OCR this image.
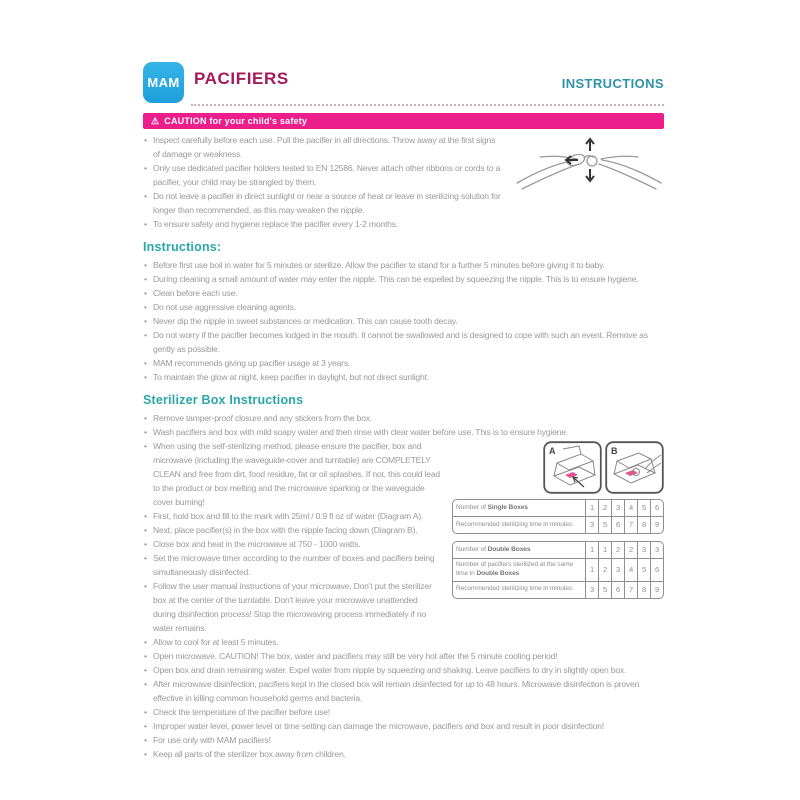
MAM PACIFIERS	INSTRUCTIONS
⚠ CAUTION for your child's safety
• Inspect carefully before each use. Pull the pacifier in all directions. Throw away at the first signs of damage or weakness.
• Only use dedicated pacifier holders tested to EN 12586. Never attach other ribbons or cords to a pacifier, your child may be strangled by them.
• Do not leave a pacifier in direct sunlight or near a source of heat or leave in sterilizing solution for longer than recommended, as this may weaken the nipple.
• To ensure safety and hygiene replace the pacifier every 1-2 months.
Instructions:
• Before first use boil in water for 5 minutes or sterilize. Allow the pacifier to stand for a further 5 minutes before giving it to baby.
• During cleaning a small amount of water may enter the nipple. This can be expelled by squeezing the nipple. This is to ensure hygiene.
• Clean before each use.
• Do not use aggressive cleaning agents.
• Never dip the nipple in sweet substances or medication. This can cause tooth decay.
• Do not worry if the pacifier becomes lodged in the mouth. It cannot be swallowed and is designed to cope with such an event. Remove as gently as possible.
• MAM recommends giving up pacifier usage at 3 years.
• To maintain the glow at night, keep pacifier in daylight, but not direct sunlight.
Sterilizer Box Instructions
• Remove tamper-proof closure and any stickers from the box.
• Wash pacifiers and box with mild soapy water and then rinse with clear water before use. This is to ensure hygiene.
• A	B
Number of Single Boxes	1	2	3	4	5	6
Recommended sterilizing time in minutes	3	5	6	7	8	9
Number of Double Boxes	1	1	2	2	3	3
Number of pacifiers sterilized at the same time in Double Boxes	1	2	3	4	5	6
Recommended sterilizing time in minutes	3	5	6	7	8	9
When using the self-sterilizing method, please ensure the pacifier, box and microwave (including the waveguide-cover and turntable) are COMPLETELY CLEAN and free from dirt, food residue, fat or oil splashes. If not, this could lead to the product or box melting and the microwave sparking or the waveguide cover burning!
• First, hold box and fill to the mark with 25ml / 0.9 fl oz of water (Diagram A).
• Next, place pacifier(s) in the box with the nipple facing down (Diagram B).
• Close box and heat in the microwave at 750 - 1000 watts.
• Set the microwave timer according to the number of boxes and pacifiers being simultaneously disinfected.
• Follow the user manual instructions of your microwave. Don't put the sterilizer box at the center of the turntable. Don't leave your microwave unattended during disinfection process! Stop the microwaving process immediately if no water remains.
• Allow to cool for at least 5 minutes.
• Open microwave. CAUTION! The box, water and pacifiers may still be very hot after the 5 minute cooling period!
• Open box and drain remaining water. Expel water from nipple by squeezing and shaking. Leave pacifiers to dry in slightly open box.
• After microwave disinfection, pacifiers kept in the closed box will remain disinfected for up to 48 hours. Microwave disinfection is proven effective in killing common household germs and bacteria.
• Check the temperature of the pacifier before use!
• Improper water level, power level or time setting can damage the microwave, pacifiers and box and result in poor disinfection!
• For use only with MAM pacifiers!
• Keep all parts of the sterilizer box away from children.
